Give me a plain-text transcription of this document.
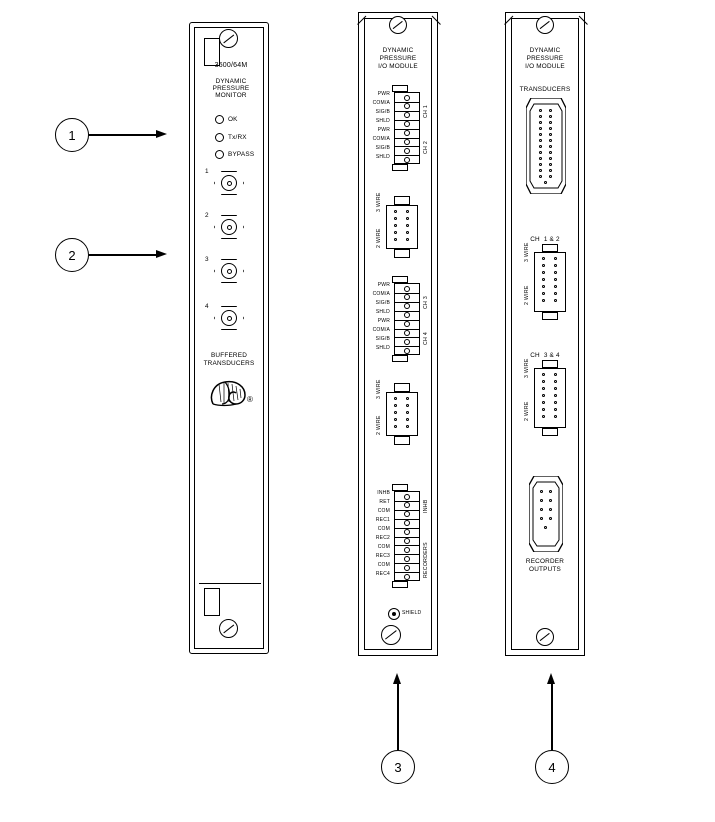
1
2
3	4
3500/64M
DYNAMIC
PRESSURE
MONITOR
OK
Tx/RX
BYPASS
1
2
3
4
BUFFERED
TRANSDUCERS
®
DYNAMIC
PRESSURE
I/O MODULE
PWR
COM/A
SIG/B
SHLD
PWR
COM/A
SIG/B
SHLD
CH 1
CH 2
3 WIRE
2 WIRE
PWR
COM/A
SIG/B
SHLD
PWR
COM/A
SIG/B
SHLD
CH 3
CH 4
3 WIRE
2 WIRE
INHB
RET
COM
REC1
COM
REC2
COM
REC3
COM
REC4
INHB
RECORDERS
SHIELD
DYNAMIC
PRESSURE
I/O MODULE
TRANSDUCERS
CH  1 & 2
3 WIRE
2 WIRE
CH  3 & 4
3 WIRE
2 WIRE
RECORDER
OUTPUTS
